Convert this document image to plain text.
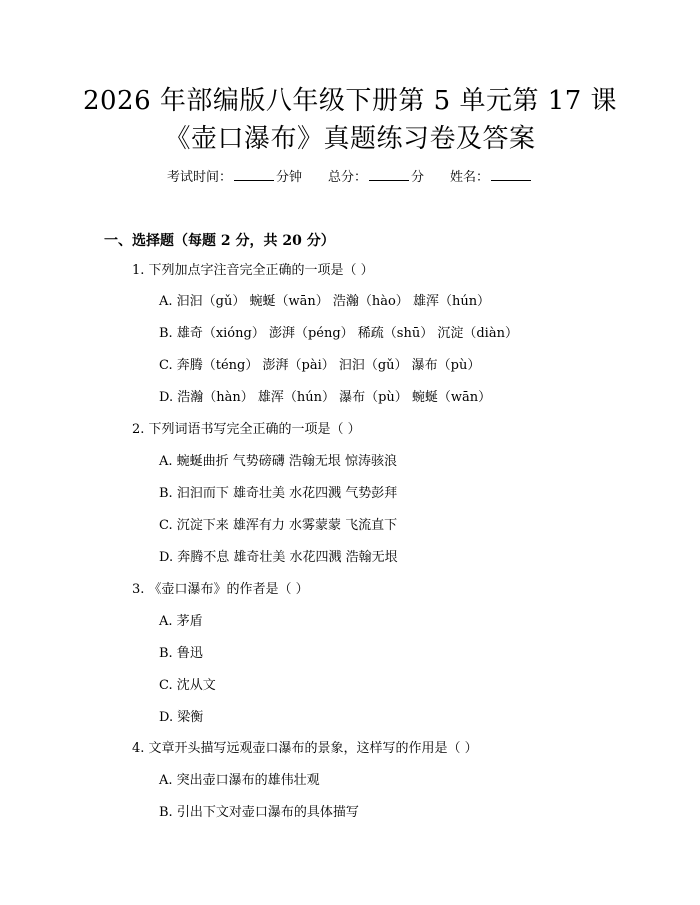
2026 年部编版八年级下册第 5 单元第 17 课
《壶口瀑布》真题练习卷及答案
考试时间：	分钟 总分：	分 姓名：
一、选择题（每题 2 分，共 20 分）
1. 下列加点字注音完全正确的一项是（ ）
A. 汩汩（gǔ） 蜿蜒（wān） 浩瀚（hào） 雄浑（hún）
B. 雄奇（xióng） 澎湃（péng） 稀疏（shū） 沉淀（diàn）
C. 奔腾（téng） 澎湃（pài） 汩汩（gǔ） 瀑布（pù）
D. 浩瀚（hàn） 雄浑（hún） 瀑布（pù） 蜿蜒（wān）
2. 下列词语书写完全正确的一项是（ ）
A. 蜿蜒曲折 气势磅礴 浩翰无垠 惊涛骇浪
B. 汩汩而下 雄奇壮美 水花四溅 气势彭拜
C. 沉淀下来 雄浑有力 水雾蒙蒙 飞流直下
D. 奔腾不息 雄奇壮美 水花四溅 浩翰无垠
3. 《壶口瀑布》的作者是（ ）
A. 茅盾
B. 鲁迅
C. 沈从文
D. 梁衡
4. 文章开头描写远观壶口瀑布的景象，这样写的作用是（ ）
A. 突出壶口瀑布的雄伟壮观
B. 引出下文对壶口瀑布的具体描写
